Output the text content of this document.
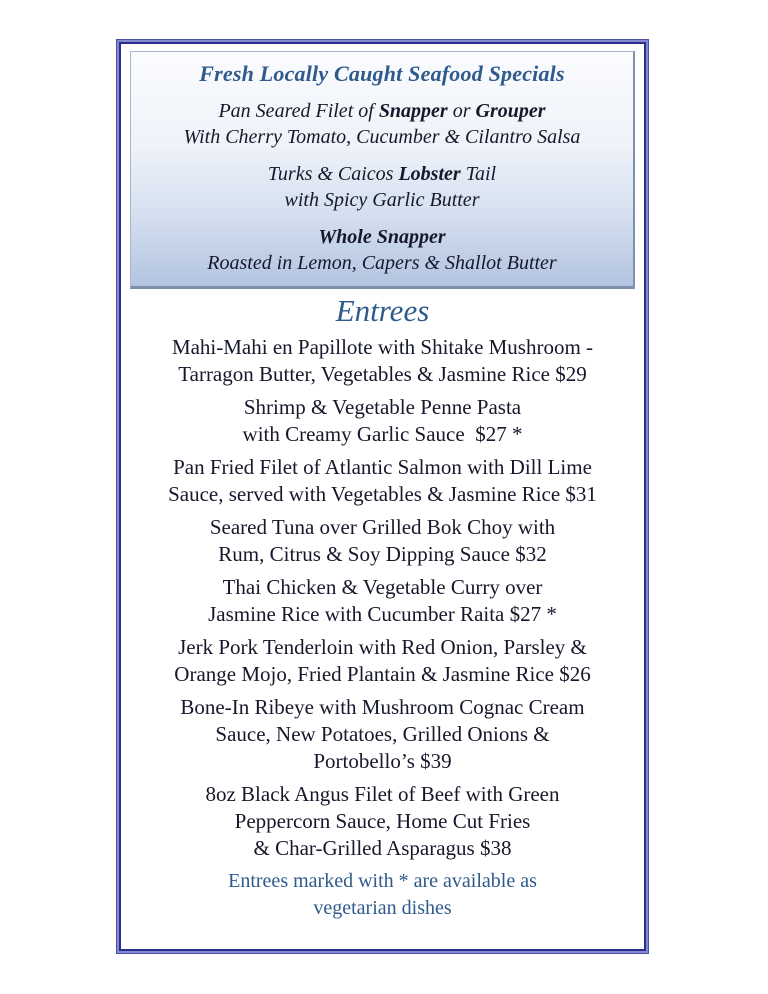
Fresh Locally Caught Seafood Specials
Pan Seared Filet of Snapper or Grouper
With Cherry Tomato, Cucumber & Cilantro Salsa
Turks & Caicos Lobster Tail
with Spicy Garlic Butter
Whole Snapper
Roasted in Lemon, Capers & Shallot Butter
Entrees
Mahi-Mahi en Papillote with Shitake Mushroom -
Tarragon Butter, Vegetables & Jasmine Rice $29
Shrimp & Vegetable Penne Pasta
with Creamy Garlic Sauce  $27 *
Pan Fried Filet of Atlantic Salmon with Dill Lime
Sauce, served with Vegetables & Jasmine Rice $31
Seared Tuna over Grilled Bok Choy with
Rum, Citrus & Soy Dipping Sauce $32
Thai Chicken & Vegetable Curry over
Jasmine Rice with Cucumber Raita $27 *
Jerk Pork Tenderloin with Red Onion, Parsley &
Orange Mojo, Fried Plantain & Jasmine Rice $26
Bone-In Ribeye with Mushroom Cognac Cream
Sauce, New Potatoes, Grilled Onions &
Portobello’s $39
8oz Black Angus Filet of Beef with Green
Peppercorn Sauce, Home Cut Fries
& Char-Grilled Asparagus $38
Entrees marked with * are available as
vegetarian dishes
